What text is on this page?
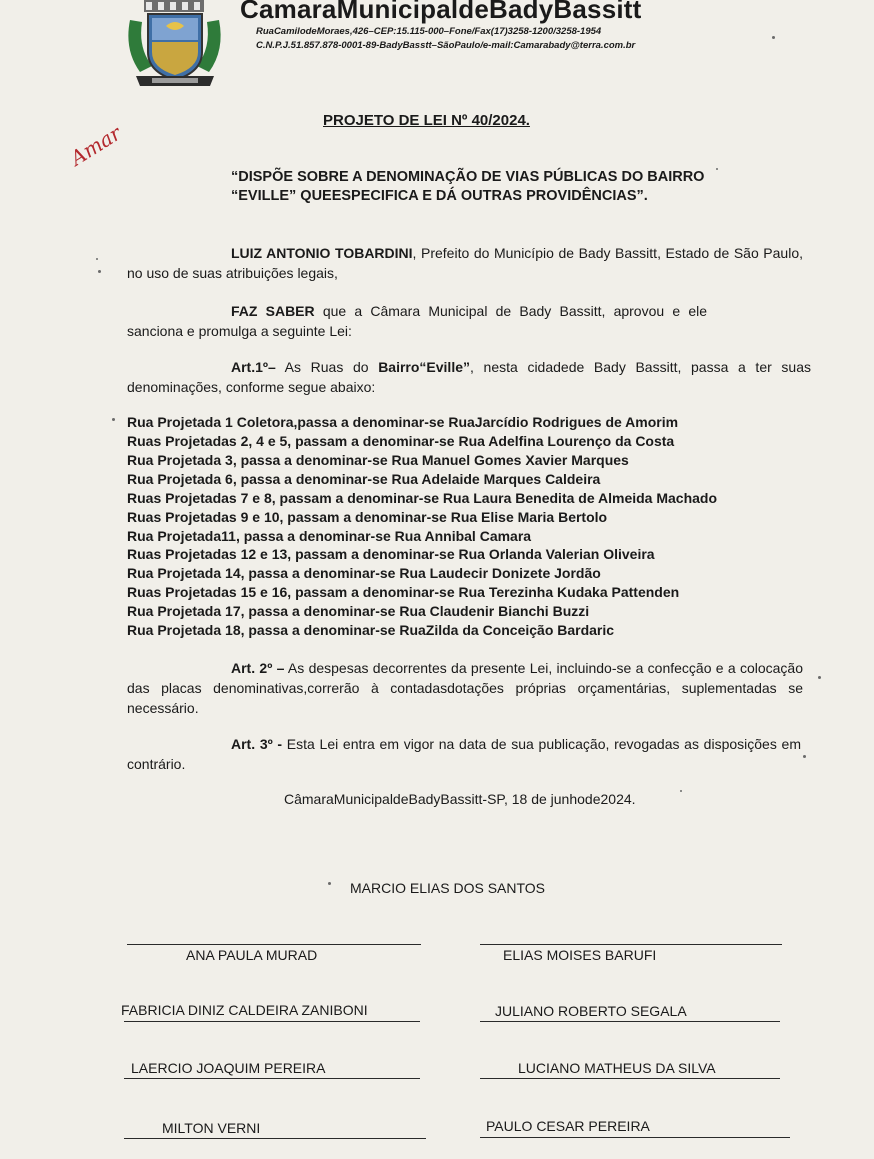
CamaraMunicipaldeBadyBassitt
RuaCamilodeMoraes,426–CEP:15.115-000–Fone/Fax(17)3258-1200/3258-1954
C.N.P.J.51.857.878-0001-89-BadyBasstt–SãoPaulo/e-mail:Camarabady@terra.com.br
PROJETO DE LEI Nº 40/2024.
Amar
“DISPÕE SOBRE A DENOMINAÇÃO DE VIAS PÚBLICAS DO BAIRRO
“EVILLE” QUEESPECIFICA E DÁ OUTRAS PROVIDÊNCIAS”.
LUIZ ANTONIO TOBARDINI, Prefeito do Município de Bady Bassitt, Estado de São Paulo, no uso de suas atribuições legais,
FAZ SABER que a Câmara Municipal de Bady Bassitt, aprovou e ele sanciona e promulga a seguinte Lei:
Art.1º– As Ruas do Bairro“Eville”, nesta cidadede Bady Bassitt, passa a ter suas denominações, conforme segue abaixo:
Rua Projetada 1 Coletora,passa a denominar-se RuaJarcídio Rodrigues de Amorim
Ruas Projetadas 2, 4 e 5, passam a denominar-se Rua Adelfina Lourenço da Costa
Rua Projetada 3, passa a denominar-se Rua Manuel Gomes Xavier Marques
Rua Projetada 6, passa a denominar-se Rua Adelaide Marques Caldeira
Ruas Projetadas 7 e 8, passam a denominar-se Rua Laura Benedita de Almeida Machado
Ruas Projetadas 9 e 10, passam a denominar-se Rua Elise Maria Bertolo
Rua Projetada11, passa a denominar-se Rua Annibal Camara
Ruas Projetadas 12 e 13, passam a denominar-se Rua Orlanda Valerian Oliveira
Rua Projetada 14, passa a denominar-se Rua Laudecir Donizete Jordão
Ruas Projetadas 15 e 16, passam a denominar-se Rua Terezinha Kudaka Pattenden
Rua Projetada 17, passa a denominar-se Rua Claudenir Bianchi Buzzi
Rua Projetada 18, passa a denominar-se RuaZilda da Conceição Bardaric
Art. 2º – As despesas decorrentes da presente Lei, incluindo-se a confecção e a colocação das placas denominativas,correrão à contadasdotações próprias orçamentárias, suplementadas se necessário.
Art. 3º - Esta Lei entra em vigor na data de sua publicação, revogadas as disposições em contrário.
CâmaraMunicipaldeBadyBassitt-SP, 18 de junhode2024.
MARCIO ELIAS DOS SANTOS
ANA PAULA MURAD	ELIAS MOISES BARUFI
FABRICIA DINIZ CALDEIRA ZANIBONI	JULIANO ROBERTO SEGALA
LAERCIO JOAQUIM PEREIRA	LUCIANO MATHEUS DA SILVA
MILTON VERNI	PAULO CESAR PEREIRA
